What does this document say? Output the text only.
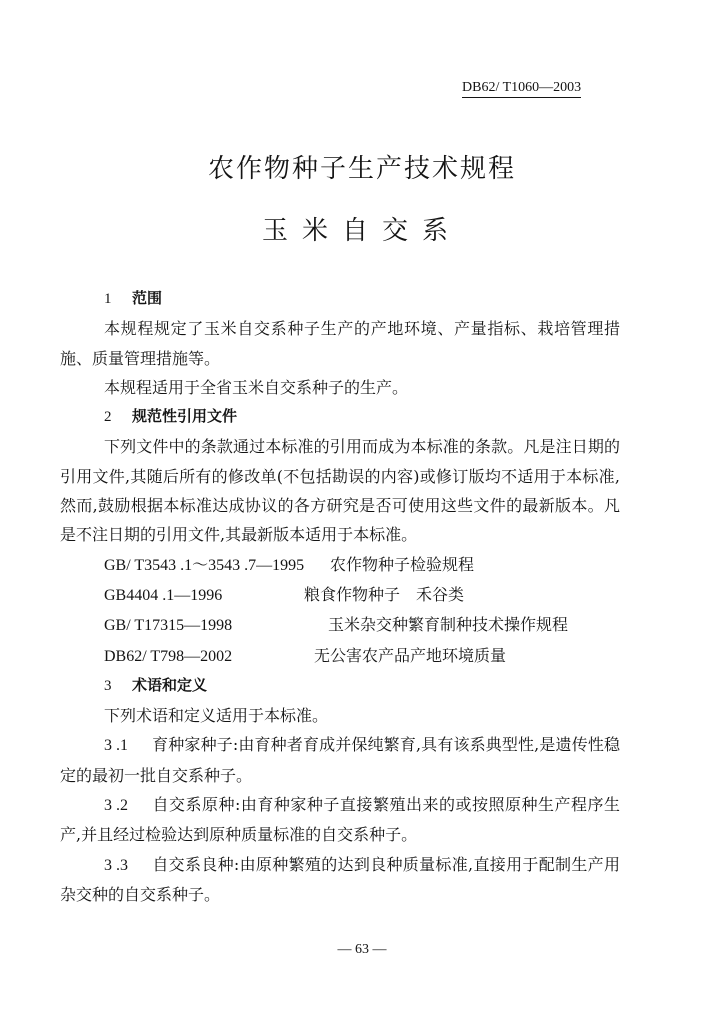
DB62/ T1060—2003
农作物种子生产技术规程
玉米自交系
1 范围
本规程规定了玉米自交系种子生产的产地环境、产量指标、栽培管理措施、质量管理措施等。
本规程适用于全省玉米自交系种子的生产。
2 规范性引用文件
下列文件中的条款通过本标准的引用而成为本标准的条款。凡是注日期的引用文件,其随后所有的修改单(不包括勘误的内容)或修订版均不适用于本标准,然而,鼓励根据本标准达成协议的各方研究是否可使用这些文件的最新版本。凡是不注日期的引用文件,其最新版本适用于本标准。
GB/ T3543 .1～3543 .7—1995 农作物种子检验规程
GB4404 .1—1996	粮食作物种子　禾谷类
GB/ T17315—1998	玉米杂交种繁育制种技术操作规程
DB62/ T798—2002	无公害农产品产地环境质量
3 术语和定义
下列术语和定义适用于本标准。
3 .1 育种家种子:由育种者育成并保纯繁育,具有该系典型性,是遗传性稳定的最初一批自交系种子。
3 .2 自交系原种:由育种家种子直接繁殖出来的或按照原种生产程序生产,并且经过检验达到原种质量标准的自交系种子。
3 .3 自交系良种:由原种繁殖的达到良种质量标准,直接用于配制生产用杂交种的自交系种子。
— 63 —
